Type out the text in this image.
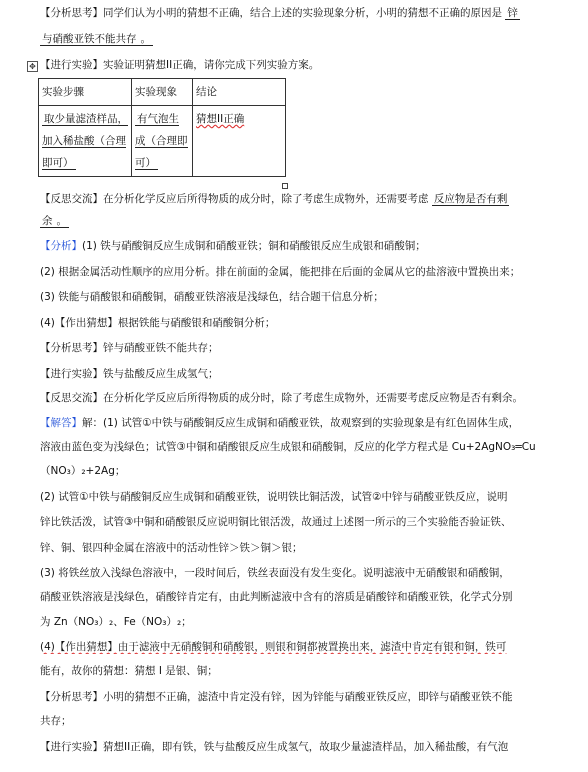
【分析思考】同学们认为小明的猜想不正确，结合上述的实验现象分析，小明的猜想不正确的原因是 锌
与硝酸亚铁不能共存 。
✥ 【进行实验】实验证明猜想II正确，请你完成下列实验方案。
实验步骤	实验现象	结论
取少量滤渣样品，加入稀盐酸（合理即可）	有气泡生成（合理即可）	猜想II正确
【反思交流】在分析化学反应后所得物质的成分时，除了考虑生成物外，还需要考虑 反应物是否有剩
余 。
【分析】(1) 铁与硝酸铜反应生成铜和硝酸亚铁；铜和硝酸银反应生成银和硝酸铜；
(2) 根据金属活动性顺序的应用分析。排在前面的金属，能把排在后面的金属从它的盐溶液中置换出来；
(3) 铁能与硝酸银和硝酸铜，硝酸亚铁溶液是浅绿色，结合题干信息分析；
(4)【作出猜想】根据铁能与硝酸银和硝酸铜分析；
【分析思考】锌与硝酸亚铁不能共存；
【进行实验】铁与盐酸反应生成氢气；
【反思交流】在分析化学反应后所得物质的成分时，除了考虑生成物外，还需要考虑反应物是否有剩余。
【解答】解：(1) 试管①中铁与硝酸铜反应生成铜和硝酸亚铁，故观察到的实验现象是有红色固体生成，
溶液由蓝色变为浅绿色；试管③中铜和硝酸银反应生成银和硝酸铜，反应的化学方程式是 Cu+2AgNO₃═Cu
（NO₃）₂+2Ag；
(2) 试管①中铁与硝酸铜反应生成铜和硝酸亚铁，说明铁比铜活泼，试管②中锌与硝酸亚铁反应，说明
锌比铁活泼，试管③中铜和硝酸银反应说明铜比银活泼，故通过上述图一所示的三个实验能否验证铁、
锌、铜、银四种金属在溶液中的活动性锌＞铁＞铜＞银；
(3) 将铁丝放入浅绿色溶液中，一段时间后，铁丝表面没有发生变化。说明滤液中无硝酸银和硝酸铜，
硝酸亚铁溶液是浅绿色，硝酸锌肯定有，由此判断滤液中含有的溶质是硝酸锌和硝酸亚铁，化学式分别
为 Zn（NO₃）₂、Fe（NO₃）₂；
(4)【作出猜想】由于滤液中无硝酸铜和硝酸银，则银和铜都被置换出来，滤渣中肯定有银和铜，铁可
能有，故你的猜想：猜想 I 是银、铜；
【分析思考】小明的猜想不正确，滤渣中肯定没有锌，因为锌能与硝酸亚铁反应，即锌与硝酸亚铁不能
共存；
【进行实验】猜想II正确，即有铁，铁与盐酸反应生成氢气，故取少量滤渣样品，加入稀盐酸，有气泡
